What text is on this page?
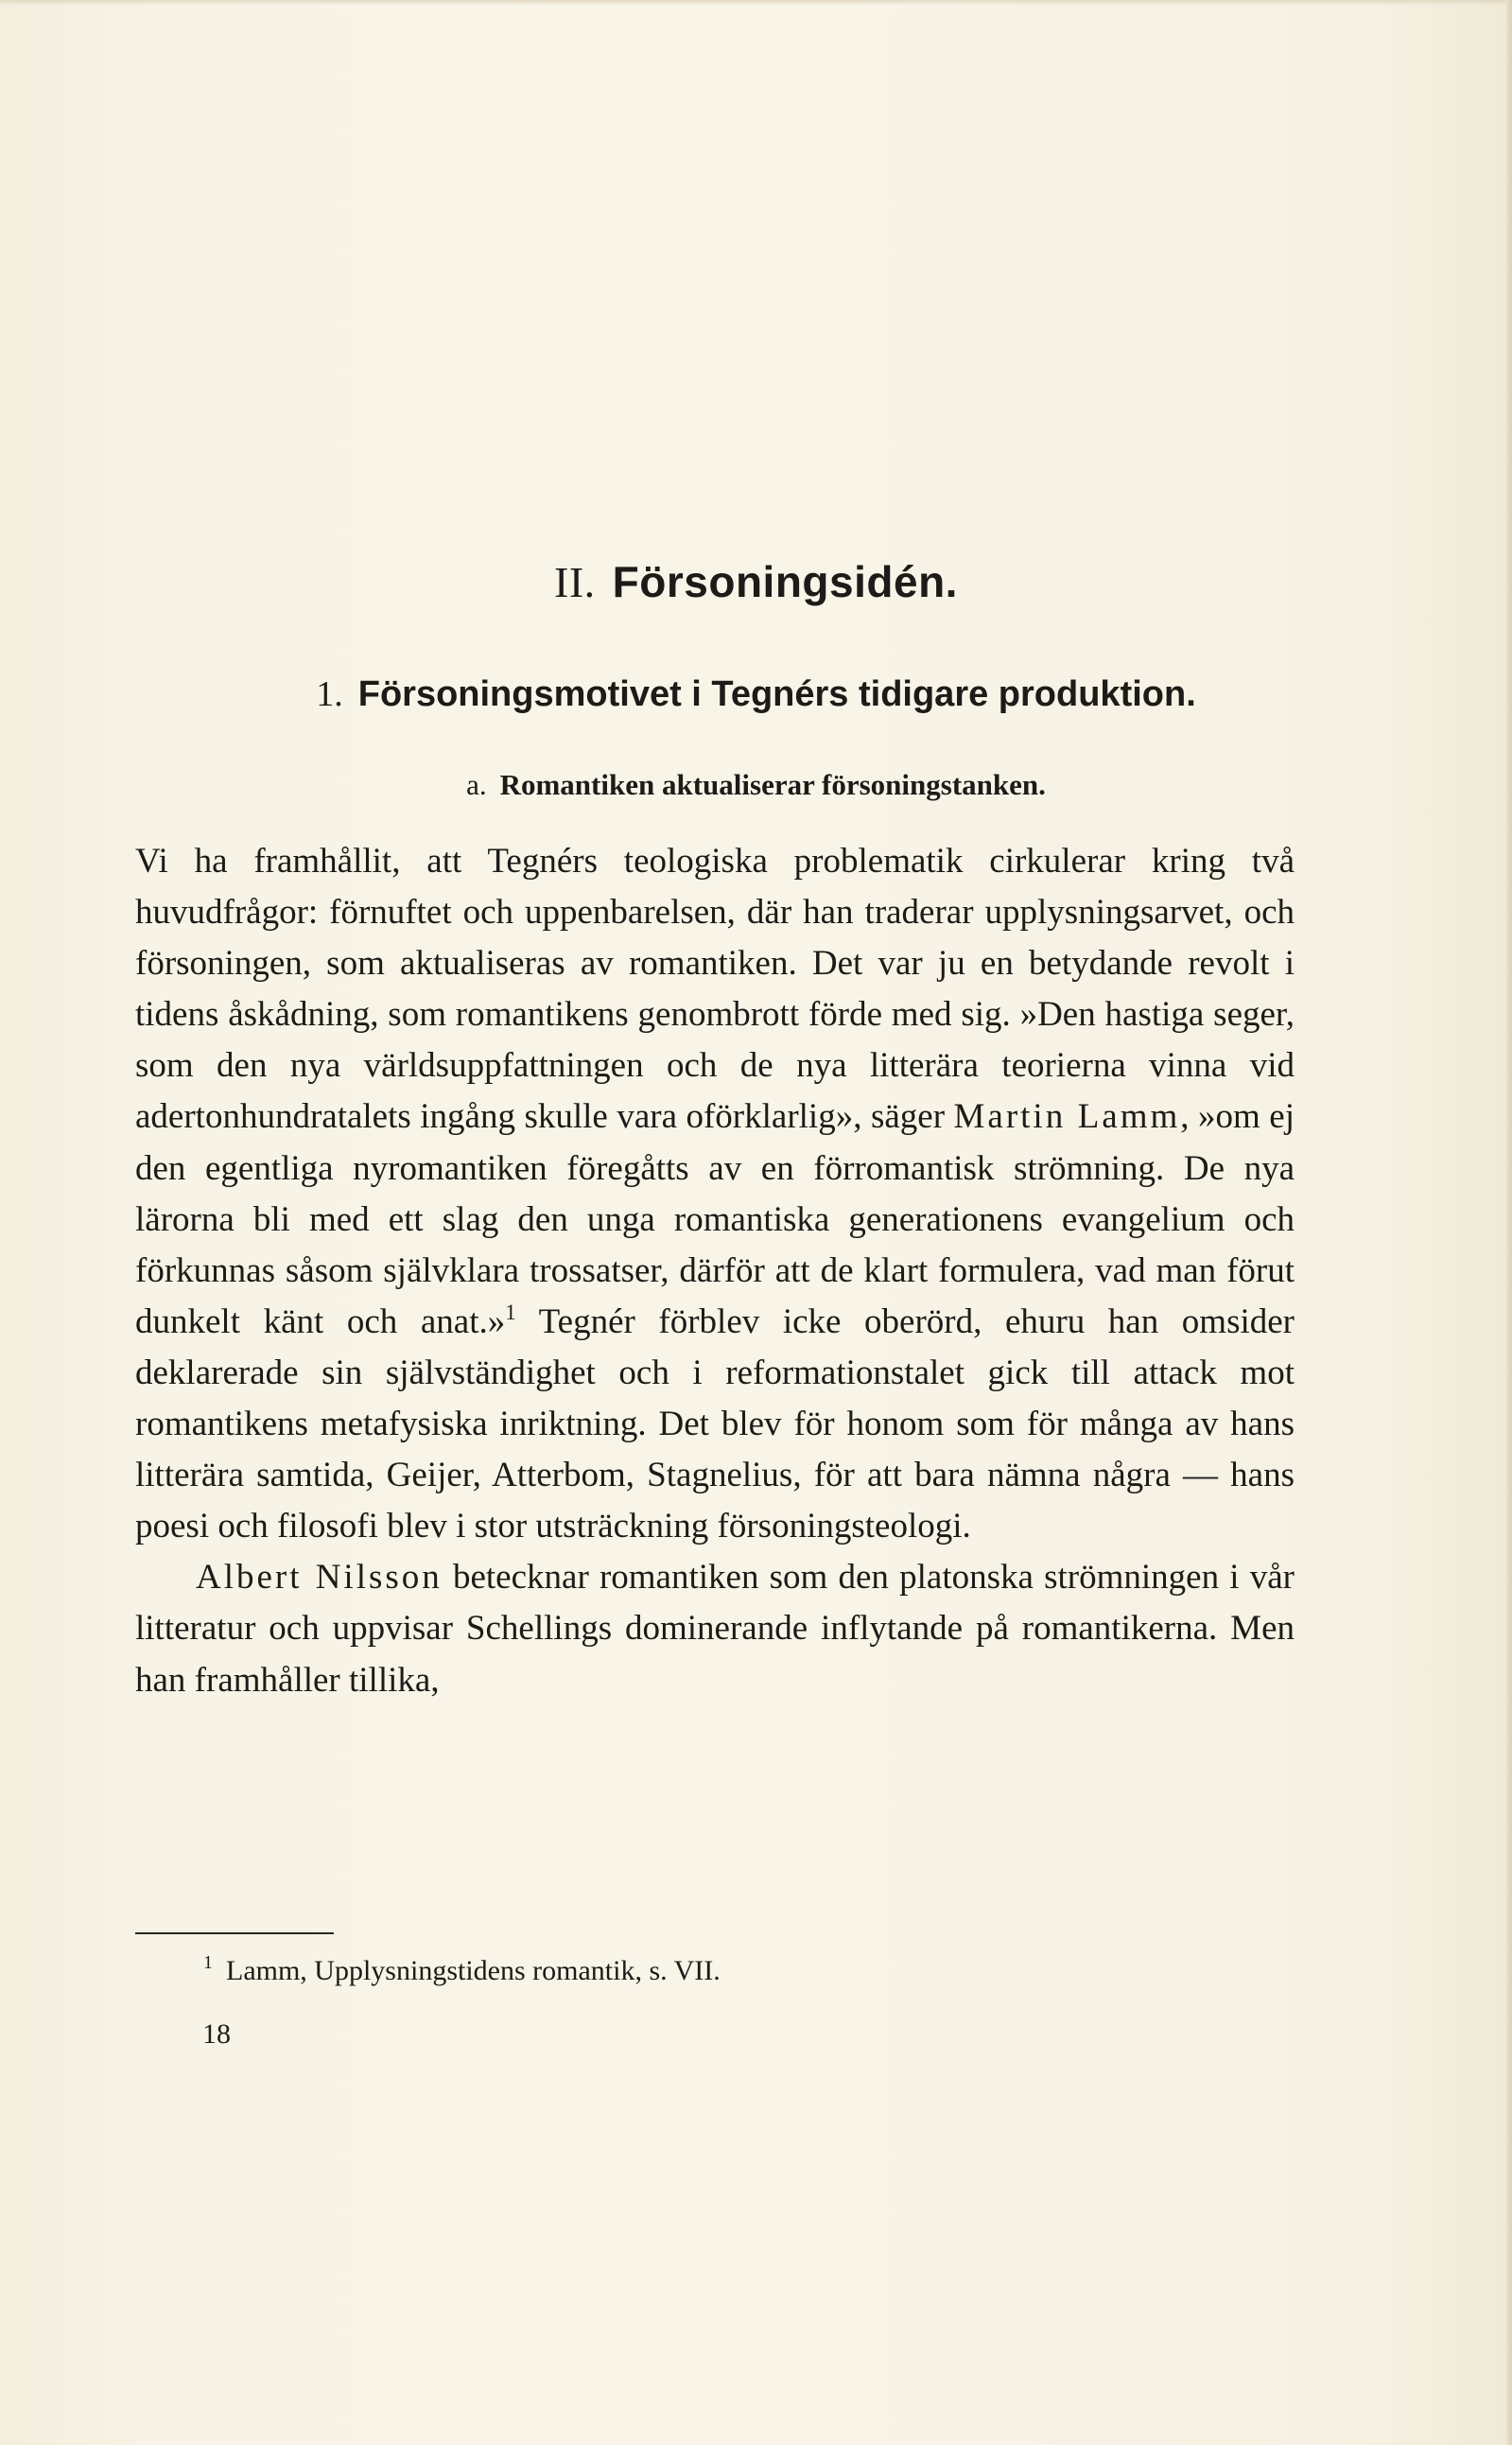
II. Försoningsidén.
1. Försoningsmotivet i Tegnérs tidigare produktion.
a. Romantiken aktualiserar försoningstanken.

Vi ha framhållit, att Tegnérs teologiska problematik cirkulerar kring två huvudfrågor: förnuftet och uppenbarelsen, där han traderar upplysningsarvet, och försoningen, som aktualiseras av romantiken. Det var ju en betydande revolt i tidens åskådning, som romantikens genombrott förde med sig. »Den hastiga seger, som den nya världsuppfattningen och de nya litterära teorierna vinna vid adertonhundratalets ingång skulle vara oförklarlig», säger Martin Lamm, »om ej den egentliga nyromantiken föregåtts av en förromantisk strömning. De nya lärorna bli med ett slag den unga romantiska generationens evangelium och förkunnas såsom självklara trossatser, därför att de klart formulera, vad man förut dunkelt känt och anat.»$^1$ Tegnér förblev icke oberörd, ehuru han omsider deklarerade sin självständighet och i reformationstalet gick till attack mot romantikens metafysiska inriktning. Det blev för honom som för många av hans litterära samtida, Geijer, Atterbom, Stagnelius, för att bara nämna några — hans poesi och filosofi blev i stor utsträckning försoningsteologi.

Albert Nilsson betecknar romantiken som den platonska strömningen i vår litteratur och uppvisar Schellings dominerande inflytande på romantikerna. Men han framhåller tillika,

$^1$ Lamm, Upplysningstidens romantik, s. VII.
18
